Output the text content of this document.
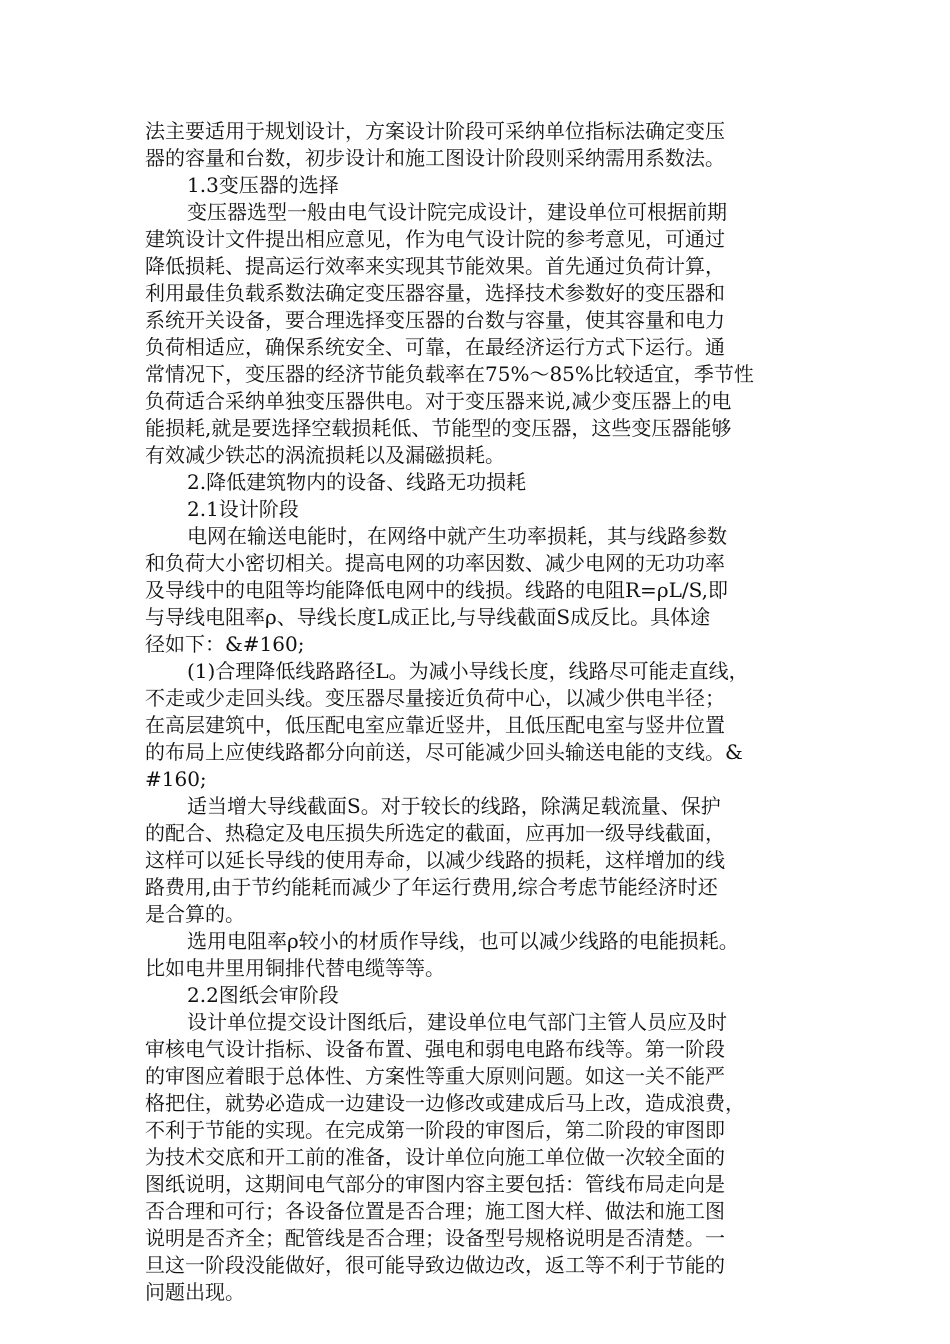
法主要适用于规划设计，方案设计阶段可采纳单位指标法确定变压
器的容量和台数，初步设计和施工图设计阶段则采纳需用系数法。
1.3变压器的选择
变压器选型一般由电气设计院完成设计，建设单位可根据前期
建筑设计文件提出相应意见，作为电气设计院的参考意见，可通过
降低损耗、提高运行效率来实现其节能效果。首先通过负荷计算，
利用最佳负载系数法确定变压器容量，选择技术参数好的变压器和
系统开关设备，要合理选择变压器的台数与容量，使其容量和电力
负荷相适应，确保系统安全、可靠，在最经济运行方式下运行。通
常情况下，变压器的经济节能负载率在75%～85%比较适宜，季节性
负荷适合采纳单独变压器供电。对于变压器来说,减少变压器上的电
能损耗,就是要选择空载损耗低、节能型的变压器，这些变压器能够
有效减少铁芯的涡流损耗以及漏磁损耗。
2.降低建筑物内的设备、线路无功损耗
2.1设计阶段
电网在输送电能时，在网络中就产生功率损耗，其与线路参数
和负荷大小密切相关。提高电网的功率因数、减少电网的无功功率
及导线中的电阻等均能降低电网中的线损。线路的电阻R=ρL/S,即
与导线电阻率ρ、导线长度L成正比,与导线截面S成反比。具体途
径如下：&#160;
(1)合理降低线路路径L。为减小导线长度，线路尽可能走直线，
不走或少走回头线。变压器尽量接近负荷中心，以减少供电半径；
在高层建筑中，低压配电室应靠近竖井，且低压配电室与竖井位置
的布局上应使线路都分向前送，尽可能减少回头输送电能的支线。&
#160;
适当增大导线截面S。对于较长的线路，除满足载流量、保护
的配合、热稳定及电压损失所选定的截面，应再加一级导线截面，
这样可以延长导线的使用寿命，以减少线路的损耗，这样增加的线
路费用,由于节约能耗而减少了年运行费用,综合考虑节能经济时还
是合算的。
选用电阻率ρ较小的材质作导线，也可以减少线路的电能损耗。
比如电井里用铜排代替电缆等等。
2.2图纸会审阶段
设计单位提交设计图纸后，建设单位电气部门主管人员应及时
审核电气设计指标、设备布置、强电和弱电电路布线等。第一阶段
的审图应着眼于总体性、方案性等重大原则问题。如这一关不能严
格把住，就势必造成一边建设一边修改或建成后马上改，造成浪费，
不利于节能的实现。在完成第一阶段的审图后，第二阶段的审图即
为技术交底和开工前的准备，设计单位向施工单位做一次较全面的
图纸说明，这期间电气部分的审图内容主要包括：管线布局走向是
否合理和可行；各设备位置是否合理；施工图大样、做法和施工图
说明是否齐全；配管线是否合理；设备型号规格说明是否清楚。一
旦这一阶段没能做好，很可能导致边做边改，返工等不利于节能的
问题出现。
